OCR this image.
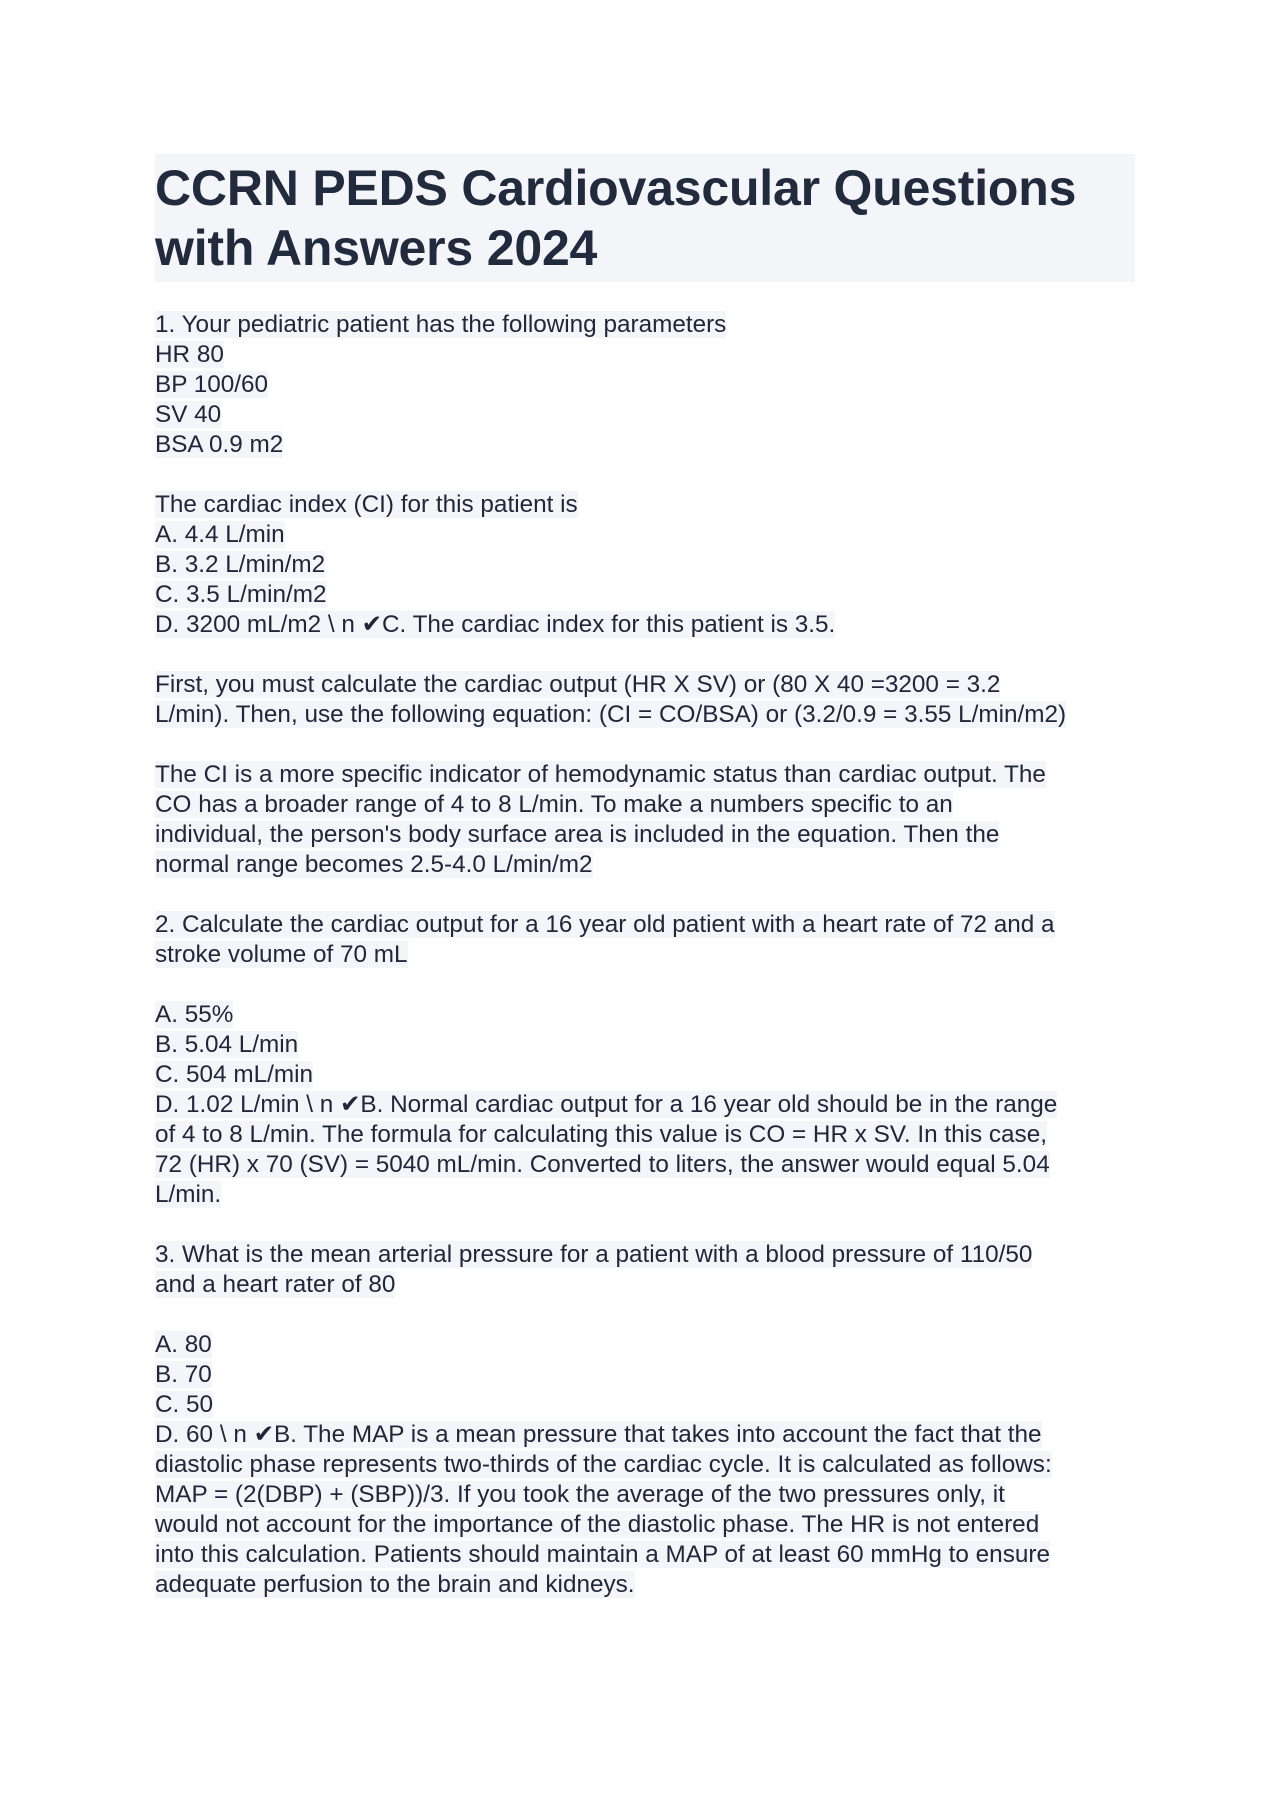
CCRN PEDS Cardiovascular Questions
with Answers 2024

1. Your pediatric patient has the following parameters
HR 80
BP 100/60
SV 40
BSA 0.9 m2

The cardiac index (CI) for this patient is
A. 4.4 L/min
B. 3.2 L/min/m2
C. 3.5 L/min/m2
D. 3200 mL/m2 \ n ✔C. The cardiac index for this patient is 3.5.

First, you must calculate the cardiac output (HR X SV) or (80 X 40 =3200 = 3.2
L/min). Then, use the following equation: (CI = CO/BSA) or (3.2/0.9 = 3.55 L/min/m2)

The CI is a more specific indicator of hemodynamic status than cardiac output. The
CO has a broader range of 4 to 8 L/min. To make a numbers specific to an
individual, the person's body surface area is included in the equation. Then the
normal range becomes 2.5-4.0 L/min/m2

2. Calculate the cardiac output for a 16 year old patient with a heart rate of 72 and a
stroke volume of 70 mL

A. 55%
B. 5.04 L/min
C. 504 mL/min
D. 1.02 L/min \ n ✔B. Normal cardiac output for a 16 year old should be in the range
of 4 to 8 L/min. The formula for calculating this value is CO = HR x SV. In this case,
72 (HR) x 70 (SV) = 5040 mL/min. Converted to liters, the answer would equal 5.04
L/min.

3. What is the mean arterial pressure for a patient with a blood pressure of 110/50
and a heart rater of 80

A. 80
B. 70
C. 50
D. 60 \ n ✔B. The MAP is a mean pressure that takes into account the fact that the
diastolic phase represents two-thirds of the cardiac cycle. It is calculated as follows:
MAP = (2(DBP) + (SBP))/3. If you took the average of the two pressures only, it
would not account for the importance of the diastolic phase. The HR is not entered
into this calculation. Patients should maintain a MAP of at least 60 mmHg to ensure
adequate perfusion to the brain and kidneys.
